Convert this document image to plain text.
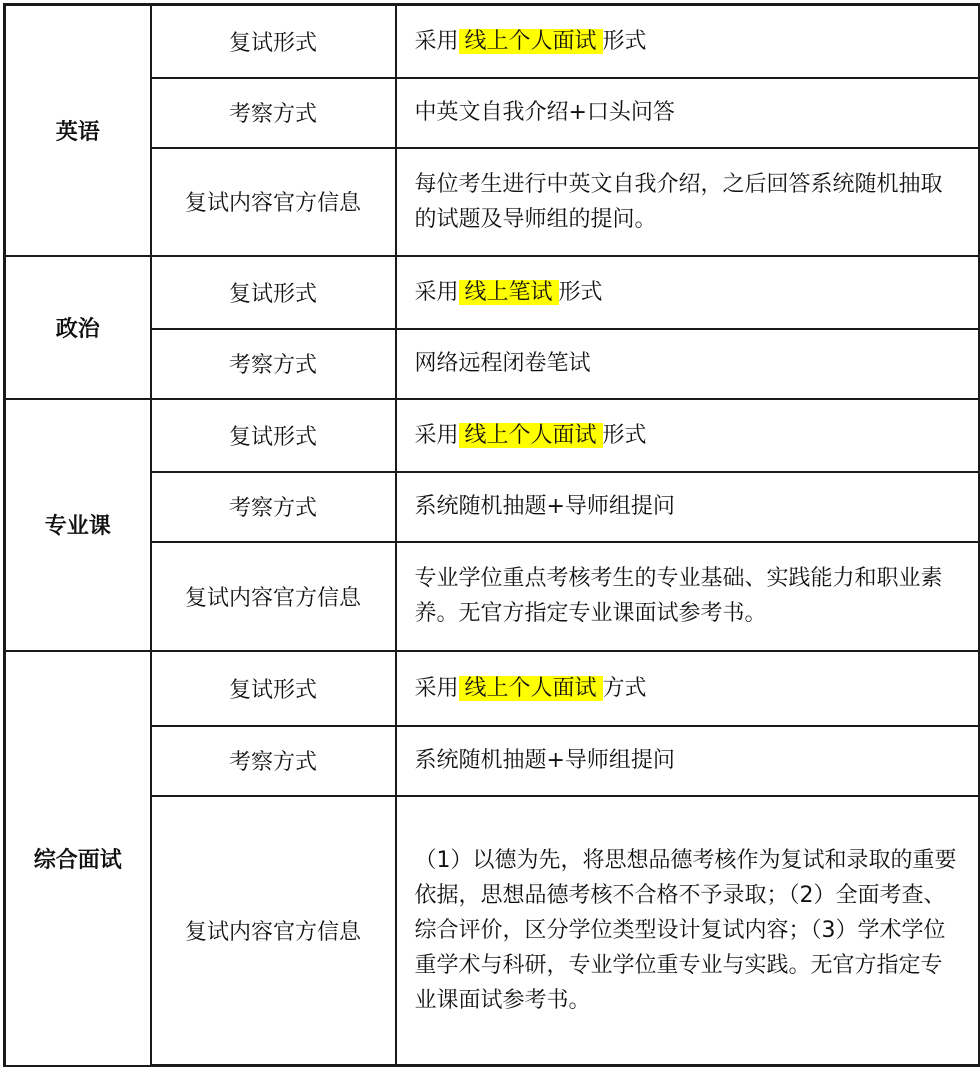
英语	复试形式	采用 线上个人面试 形式
	考察方式	中英文自我介绍+口头问答
	复试内容官方信息	每位考生进行中英文自我介绍，之后回答系统随机抽取的试题及导师组的提问。
政治	复试形式	采用 线上笔试 形式
	考察方式	网络远程闭卷笔试
专业课	复试形式	采用 线上个人面试 形式
	考察方式	系统随机抽题+导师组提问
	复试内容官方信息	专业学位重点考核考生的专业基础、实践能力和职业素养。无官方指定专业课面试参考书。
综合面试	复试形式	采用 线上个人面试 方式
	考察方式	系统随机抽题+导师组提问
	复试内容官方信息	（1）以德为先，将思想品德考核作为复试和录取的重要依据，思想品德考核不合格不予录取；（2）全面考查、综合评价，区分学位类型设计复试内容；（3）学术学位重学术与科研，专业学位重专业与实践。无官方指定专业课面试参考书。
